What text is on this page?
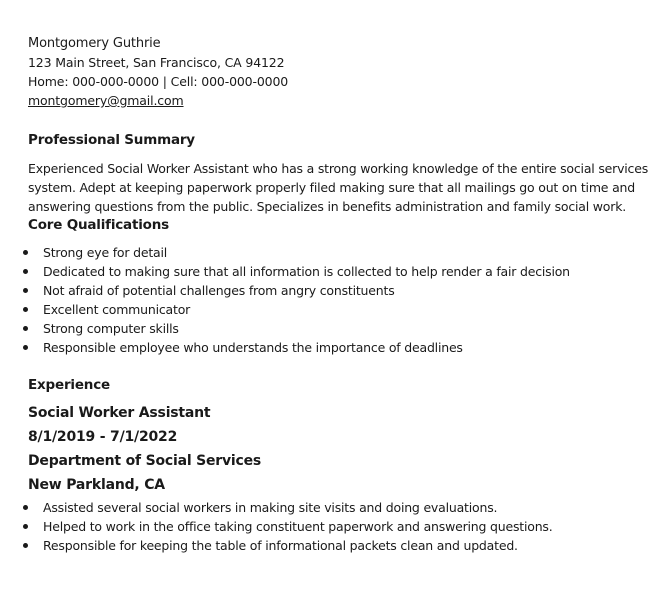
Montgomery Guthrie

123 Main Street, San Francisco, CA 94122

Home: 000-000-0000 | Cell: 000-000-0000

montgomery@gmail.com

Professional Summary

Experienced Social Worker Assistant who has a strong working knowledge of the entire social services system. Adept at keeping paperwork properly filed making sure that all mailings go out on time and answering questions from the public. Specializes in benefits administration and family social work.

Core Qualifications
Strong eye for detail
Dedicated to making sure that all information is collected to help render a fair decision
Not afraid of potential challenges from angry constituents
Excellent communicator
Strong computer skills
Responsible employee who understands the importance of deadlines
Experience

Social Worker Assistant

8/1/2019 - 7/1/2022

Department of Social Services

New Parkland, CA

Assisted several social workers in making site visits and doing evaluations.
Helped to work in the office taking constituent paperwork and answering questions.
Responsible for keeping the table of informational packets clean and updated.
